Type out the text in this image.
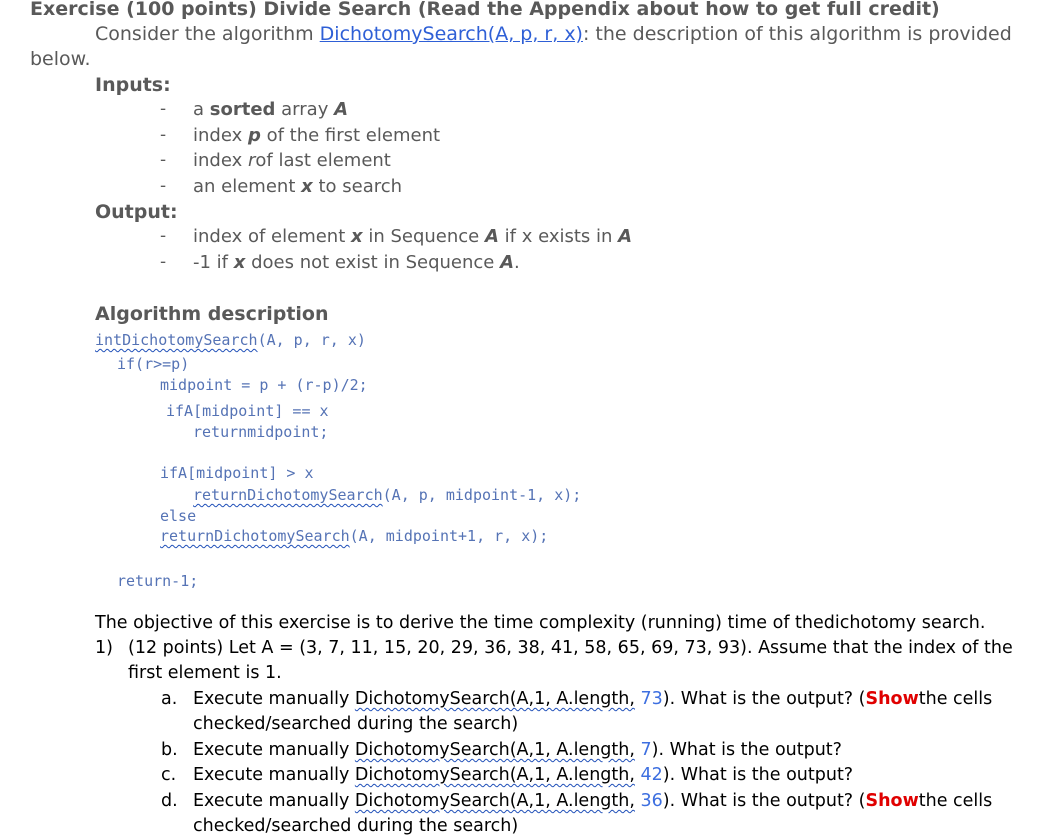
Exercise (100 points) Divide Search (Read the Appendix about how to get full credit)
Consider the algorithm DichotomySearch(A, p, r, x): the description of this algorithm is provided
below.
Inputs:
- a sorted array A
- index p of the first element
- index rof last element
- an element x to search
Output:
- index of element x in Sequence A if x exists in A
- -1 if x does not exist in Sequence A.
Algorithm description
intDichotomySearch(A, p, r, x)
if(r>=p)
midpoint = p + (r-p)/2;
ifA[midpoint] == x
returnmidpoint;
ifA[midpoint] > x
returnDichotomySearch(A, p, midpoint-1, x);
else
returnDichotomySearch(A, midpoint+1, r, x);
return-1;
The objective of this exercise is to derive the time complexity (running) time of thedichotomy search.
1) (12 points) Let A = (3, 7, 11, 15, 20, 29, 36, 38, 41, 58, 65, 69, 73, 93). Assume that the index of the
first element is 1.
a. Execute manually DichotomySearch(A,1, A.length, 73). What is the output? (Showthe cells
checked/searched during the search)
b. Execute manually DichotomySearch(A,1, A.length, 7). What is the output?
c. Execute manually DichotomySearch(A,1, A.length, 42). What is the output?
d. Execute manually DichotomySearch(A,1, A.length, 36). What is the output? (Showthe cells
checked/searched during the search)
